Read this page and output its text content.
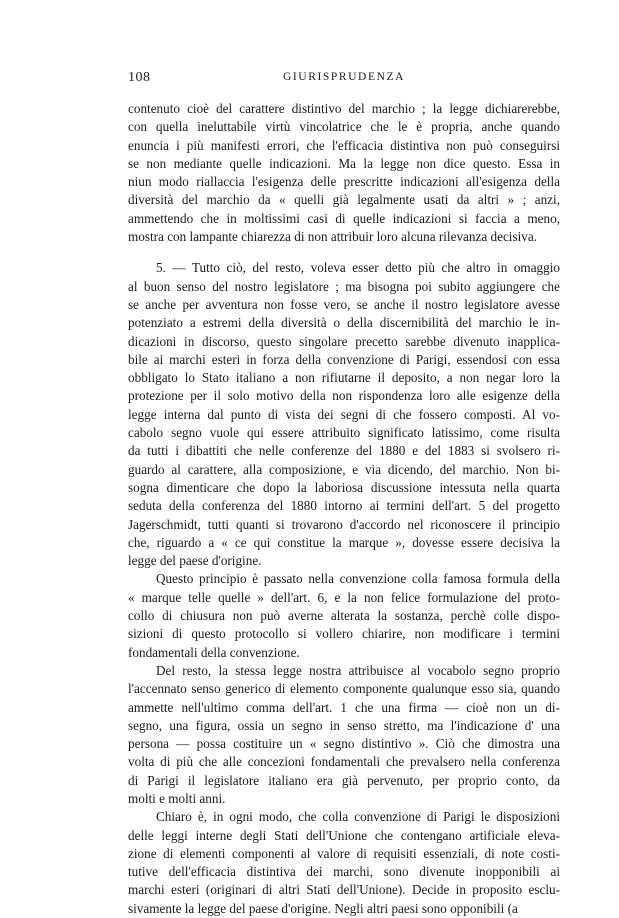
108	GIURISPRUDENZA
contenuto cioè del carattere distintivo del marchio ; la legge dichiarerebbe,
con quella ineluttabile virtù vincolatrice che le è propria, anche quando
enuncia i più manifesti errori, che l'efficacia distintiva non può conseguirsi
se non mediante quelle indicazioni. Ma la legge non dice questo. Essa in
niun modo riallaccia l'esigenza delle prescritte indicazioni all'esigenza della
diversità del marchio da « quelli già legalmente usati da altri » ; anzi,
ammettendo che in moltissimi casi di quelle indicazioni si faccia a meno,
mostra con lampante chiarezza di non attribuir loro alcuna rilevanza decisiva.
5. — Tutto ciò, del resto, voleva esser detto più che altro in omaggio
al buon senso del nostro legislatore ; ma bisogna poi subito aggiungere che
se anche per avventura non fosse vero, se anche il nostro legislatore avesse
potenziato a estremi della diversità o della discernibilità del marchio le in-
dicazioni in discorso, questo singolare precetto sarebbe divenuto inapplica-
bile ai marchi esteri in forza della convenzione di Parigi, essendosi con essa
obbligato lo Stato italiano a non rifiutarne il deposito, a non negar loro la
protezione per il solo motivo della non rispondenza loro alle esigenze della
legge interna dal punto di vista dei segni di che fossero composti. Al vo-
cabolo segno vuole qui essere attribuito significato latissimo, come risulta
da tutti i dibattiti che nelle conferenze del 1880 e del 1883 si svolsero ri-
guardo al carattere, alla composizione, e via dicendo, del marchio. Non bi-
sogna dimenticare che dopo la laboriosa discussione intessuta nella quarta
seduta della conferenza del 1880 intorno ai termini dell'art. 5 del progetto
Jagerschmidt, tutti quanti si trovarono d'accordo nel riconoscere il principio
che, riguardo a « ce qui constitue la marque », dovesse essere decisiva la
legge del paese d'origine.
Questo principio è passato nella convenzione colla famosa formula della
« marque telle quelle » dell'art. 6, e la non felice formulazione del proto-
collo di chiusura non può averne alterata la sostanza, perchè colle dispo-
sizioni di questo protocollo si vollero chiarire, non modificare i termini
fondamentali della convenzione.
Del resto, la stessa legge nostra attribuisce al vocabolo segno proprio
l'accennato senso generico di elemento componente qualunque esso sia, quando
ammette nell'ultimo comma dell'art. 1 che una firma — cioè non un di-
segno, una figura, ossia un segno in senso stretto, ma l'indicazione d' una
persona — possa costituire un « segno distintivo ». Ciò che dimostra una
volta di più che alle concezioni fondamentali che prevalsero nella conferenza
di Parigi il legislatore italiano era già pervenuto, per proprio conto, da
molti e molti anni.
Chiaro è, in ogni modo, che colla convenzione di Parigi le disposizioni
delle leggi interne degli Stati dell'Unione che contengano artificiale eleva-
zione di elementi componenti al valore di requisiti essenziali, di note costi-
tutive dell'efficacia distintiva dei marchi, sono divenute inopponibili ai
marchi esteri (originari di altri Stati dell'Unione). Decide in proposito esclu-
sivamente la legge del paese d'origine. Negli altri paesi sono opponibili (a
